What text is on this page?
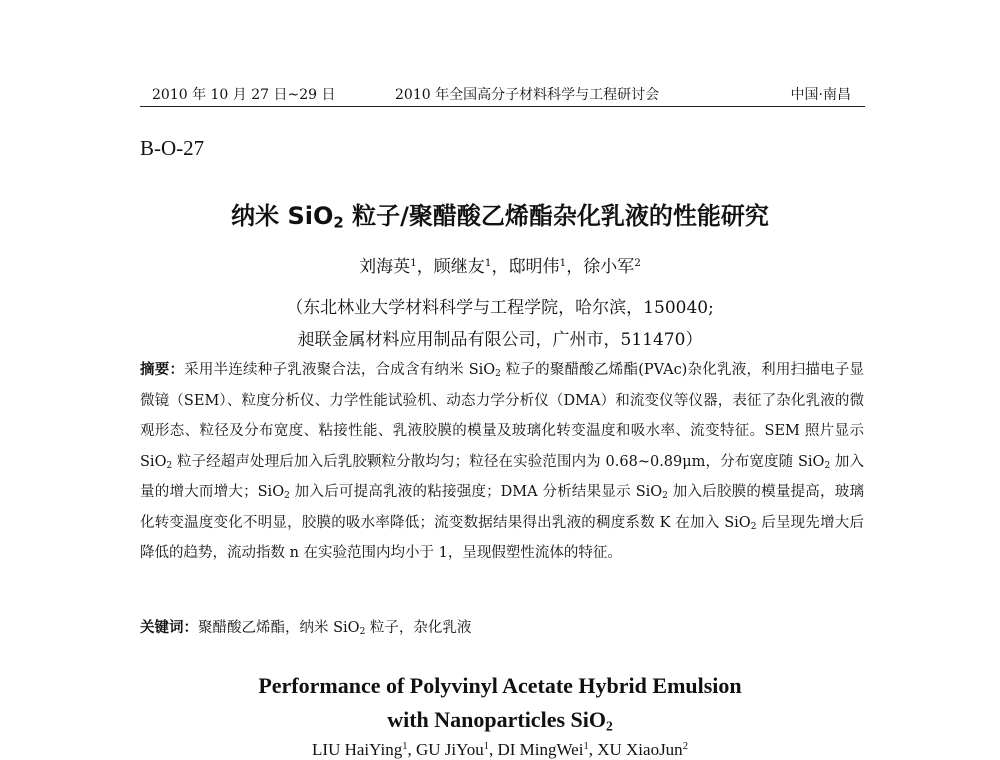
2010 年 10 月 27 日~29 日	2010 年全国高分子材料科学与工程研讨会	中国·南昌
B-O-27
纳米 SiO$_2$ 粒子/聚醋酸乙烯酯杂化乳液的性能研究
刘海英$^1$，顾继友$^1$，邸明伟$^1$，徐小军$^2$
（东北林业大学材料科学与工程学院，哈尔滨，150040;
昶联金属材料应用制品有限公司，广州市，511470）

摘要：采用半连续种子乳液聚合法，合成含有纳米 SiO$_2$ 粒子的聚醋酸乙烯酯(PVAc)杂化乳液，利用扫描电子显微镜（SEM）、粒度分析仪、力学性能试验机、动态力学分析仪（DMA）和流变仪等仪器，表征了杂化乳液的微观形态、粒径及分布宽度、粘接性能、乳液胶膜的模量及玻璃化转变温度和吸水率、流变特征。SEM 照片显示 SiO$_2$ 粒子经超声处理后加入后乳胶颗粒分散均匀；粒径在实验范围内为 0.68~0.89μm，分布宽度随 SiO$_2$ 加入量的增大而增大；SiO$_2$ 加入后可提高乳液的粘接强度；DMA 分析结果显示 SiO$_2$ 加入后胶膜的模量提高，玻璃化转变温度变化不明显，胶膜的吸水率降低；流变数据结果得出乳液的稠度系数 K 在加入 SiO$_2$ 后呈现先增大后降低的趋势，流动指数 n 在实验范围内均小于 1，呈现假塑性流体的特征。

关键词：聚醋酸乙烯酯，纳米 SiO$_2$ 粒子，杂化乳液
Performance of Polyvinyl Acetate Hybrid Emulsion
with Nanoparticles SiO$_2$
LIU HaiYing$^1$, GU JiYou$^1$, DI MingWei$^1$, XU XiaoJun$^2$
